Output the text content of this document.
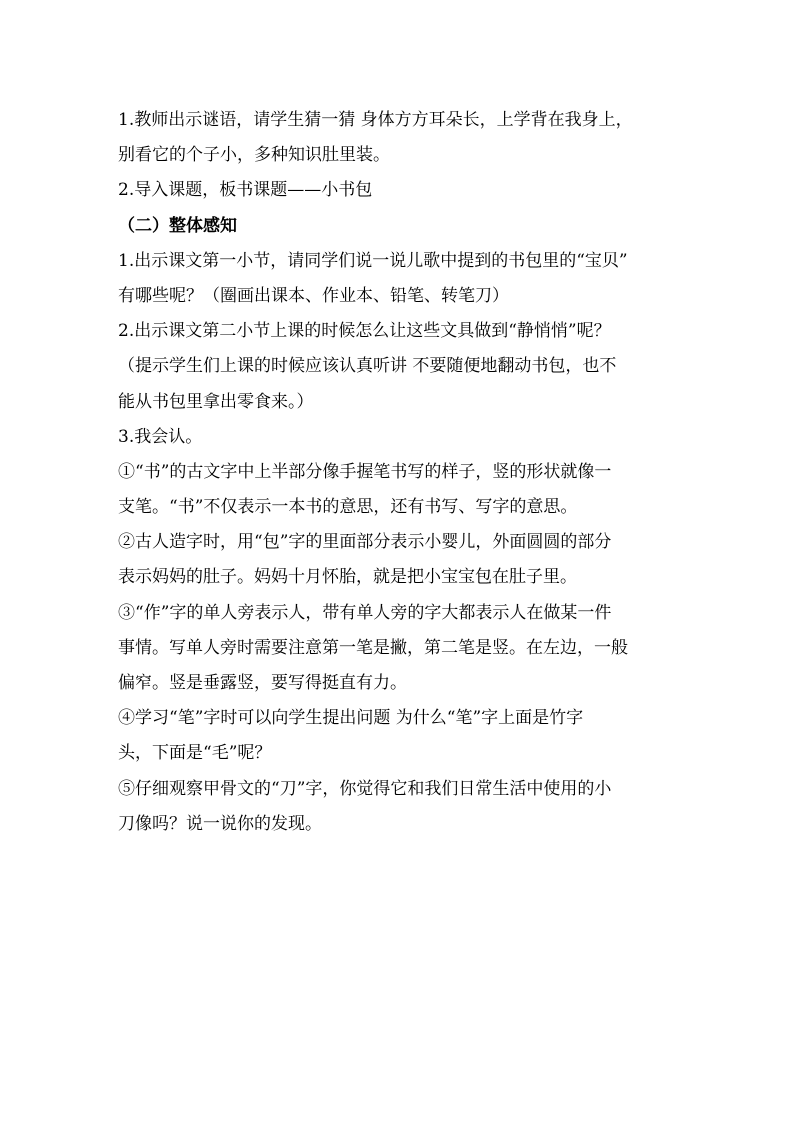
1.教师出示谜语，请学生猜一猜 身体方方耳朵长，上学背在我身上，
别看它的个子小，多种知识肚里装。
2.导入课题，板书课题——小书包
（二）整体感知
1.出示课文第一小节，请同学们说一说儿歌中提到的书包里的“宝贝”
有哪些呢？（圈画出课本、作业本、铅笔、转笔刀）
2.出示课文第二小节上课的时候怎么让这些文具做到“静悄悄”呢？
（提示学生们上课的时候应该认真听讲 不要随便地翻动书包，也不
能从书包里拿出零食来。）
3.我会认。
①“书”的古文字中上半部分像手握笔书写的样子，竖的形状就像一
支笔。“书”不仅表示一本书的意思，还有书写、写字的意思。
②古人造字时，用“包”字的里面部分表示小婴儿，外面圆圆的部分
表示妈妈的肚子。妈妈十月怀胎，就是把小宝宝包在肚子里。
③“作”字的单人旁表示人，带有单人旁的字大都表示人在做某一件
事情。写单人旁时需要注意第一笔是撇，第二笔是竖。在左边，一般
偏窄。竖是垂露竖，要写得挺直有力。
④学习“笔”字时可以向学生提出问题 为什么“笔”字上面是竹字
头，下面是“毛”呢？
⑤仔细观察甲骨文的“刀”字，你觉得它和我们日常生活中使用的小
刀像吗？说一说你的发现。
